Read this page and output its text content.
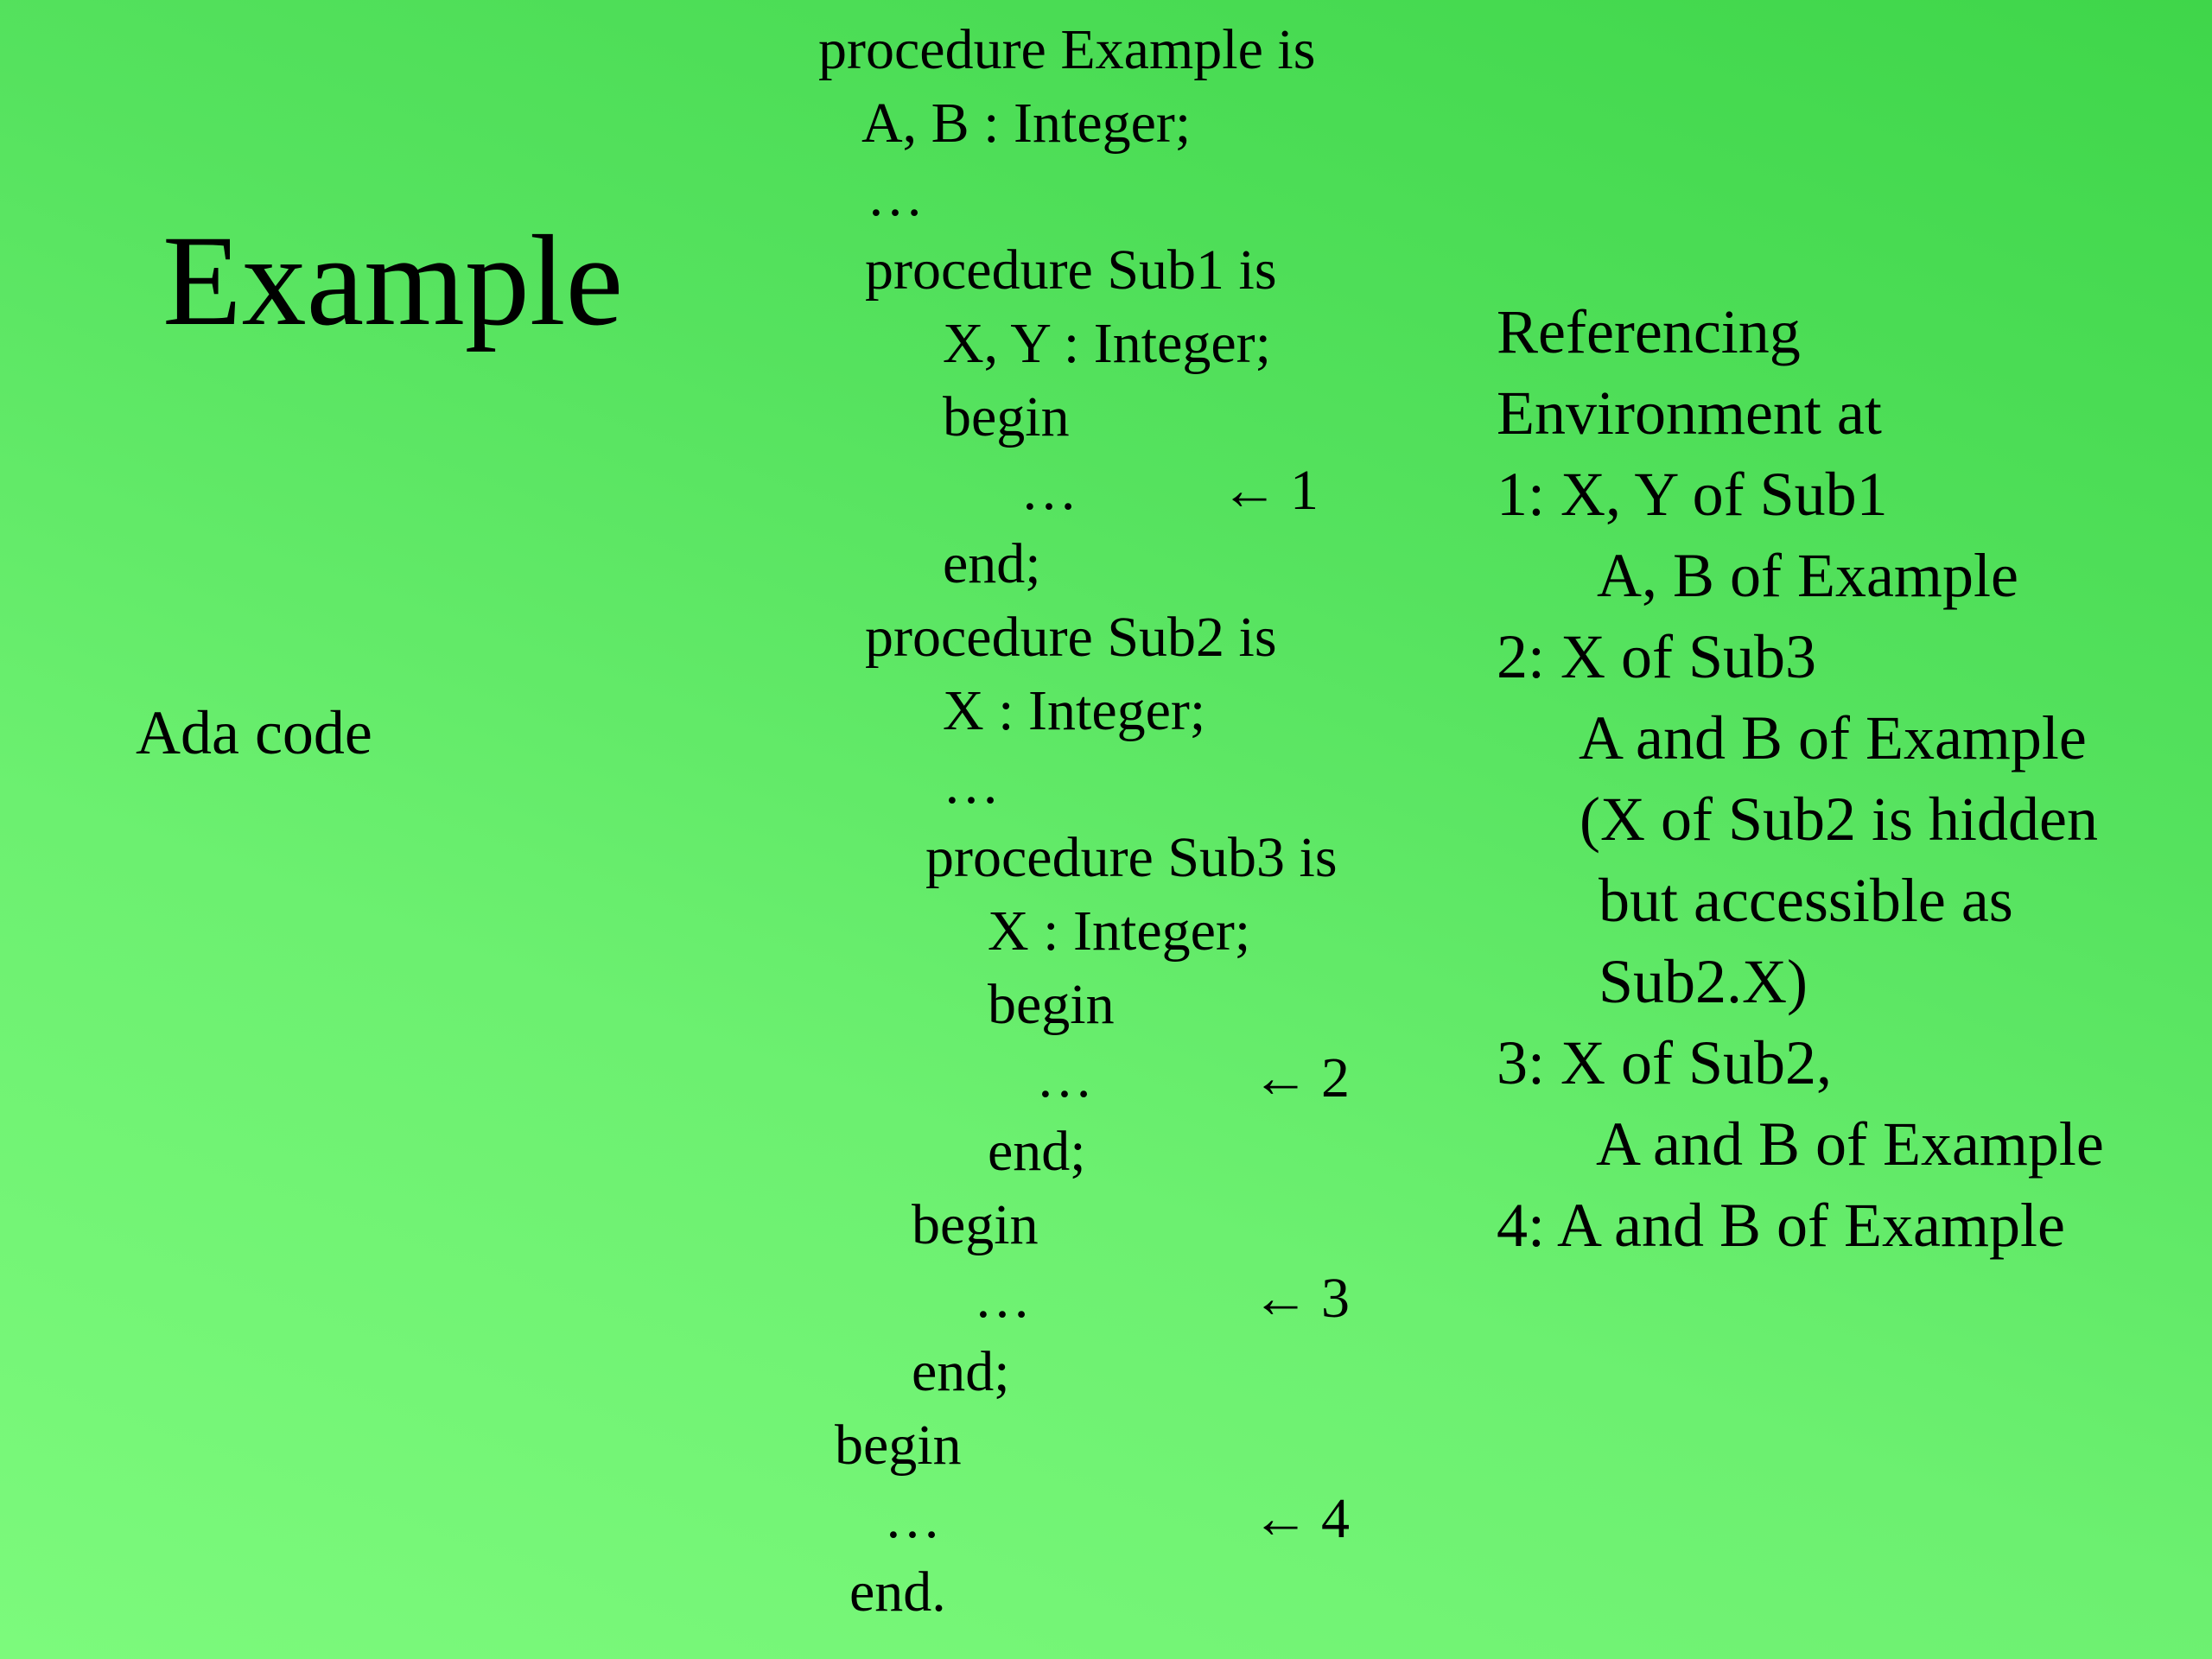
Example
Ada code
procedure Example is
A, B : Integer;
…
procedure Sub1 is
X, Y : Integer;
begin
…
end;
procedure Sub2 is
X : Integer;
…
procedure Sub3 is
X : Integer;
begin
…
end;
begin
…
end;
begin
…
end.
← 1
← 2
← 3
← 4
Referencing
Environment at
1: X, Y of Sub1
A, B of Example
2: X of Sub3
A and B of Example
(X of Sub2 is hidden
but accessible as
Sub2.X)
3: X of Sub2,
A and B of Example
4: A and B of Example
